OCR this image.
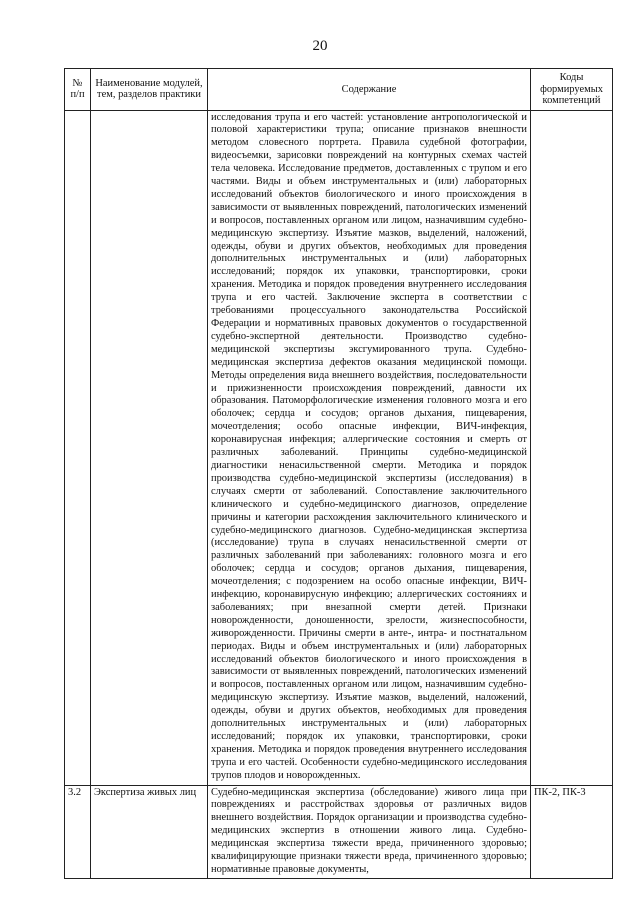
20
№ п/п	Наименование модулей, тем, разделов практики	Содержание	Коды формируемых компетенций
		исследования трупа и его частей: установление антропологической и половой характеристики трупа; описание признаков внешности методом словесного портрета. Правила судебной фотографии, видеосъемки, зарисовки повреждений на контурных схемах частей тела человека. Исследование предметов, доставленных с трупом и его частями. Виды и объем инструментальных и (или) лабораторных исследований объектов биологического и иного происхождения в зависимости от выявленных повреждений, патологических изменений и вопросов, поставленных органом или лицом, назначившим судебно-медицинскую экспертизу. Изъятие мазков, выделений, наложений, одежды, обуви и других объектов, необходимых для проведения дополнительных инструментальных и (или) лабораторных исследований; порядок их упаковки, транспортировки, сроки хранения. Методика и порядок проведения внутреннего исследования трупа и его частей. Заключение эксперта в соответствии с требованиями процессуального законодательства Российской Федерации и нормативных правовых документов о государственной судебно-экспертной деятельности. Производство судебно-медицинской экспертизы эксгумированного трупа. Судебно-медицинская экспертиза дефектов оказания медицинской помощи. Методы определения вида внешнего воздействия, последовательности и прижизненности происхождения повреждений, давности их образования. Патоморфологические изменения головного мозга и его оболочек; сердца и сосудов; органов дыхания, пищеварения, мочеотделения; особо опасные инфекции, ВИЧ-инфекция, коронавирусная инфекция; аллергические состояния и смерть от различных заболеваний. Принципы судебно-медицинской диагностики ненасильственной смерти. Методика и порядок производства судебно-медицинской экспертизы (исследования) в случаях смерти от заболеваний. Сопоставление заключительного клинического и судебно-медицинского диагнозов, определение причины и категории расхождения заключительного клинического и судебно-медицинского диагнозов. Судебно-медицинская экспертиза (исследование) трупа в случаях ненасильственной смерти от различных заболеваний при заболеваниях: головного мозга и его оболочек; сердца и сосудов; органов дыхания, пищеварения, мочеотделения; с подозрением на особо опасные инфекции, ВИЧ-инфекцию, коронавирусную инфекцию; аллергических состояниях и заболеваниях; при внезапной смерти детей. Признаки новорожденности, доношенности, зрелости, жизнеспособности, живорожденности. Причины смерти в анте-, интра- и постнатальном периодах. Виды и объем инструментальных и (или) лабораторных исследований объектов биологического и иного происхождения в зависимости от выявленных повреждений, патологических изменений и вопросов, поставленных органом или лицом, назначившим судебно-медицинскую экспертизу. Изъятие мазков, выделений, наложений, одежды, обуви и других объектов, необходимых для проведения дополнительных инструментальных и (или) лабораторных исследований; порядок их упаковки, транспортировки, сроки хранения. Методика и порядок проведения внутреннего исследования трупа и его частей. Особенности судебно-медицинского исследования трупов плодов и новорожденных.	
3.2	Экспертиза живых лиц	Судебно-медицинская экспертиза (обследование) живого лица при повреждениях и расстройствах здоровья от различных видов внешнего воздействия. Порядок организации и производства судебно-медицинских экспертиз в отношении живого лица. Судебно-медицинская экспертиза тяжести вреда, причиненного здоровью; квалифицирующие признаки тяжести вреда, причиненного здоровью; нормативные правовые документы,	ПК-2, ПК-3
